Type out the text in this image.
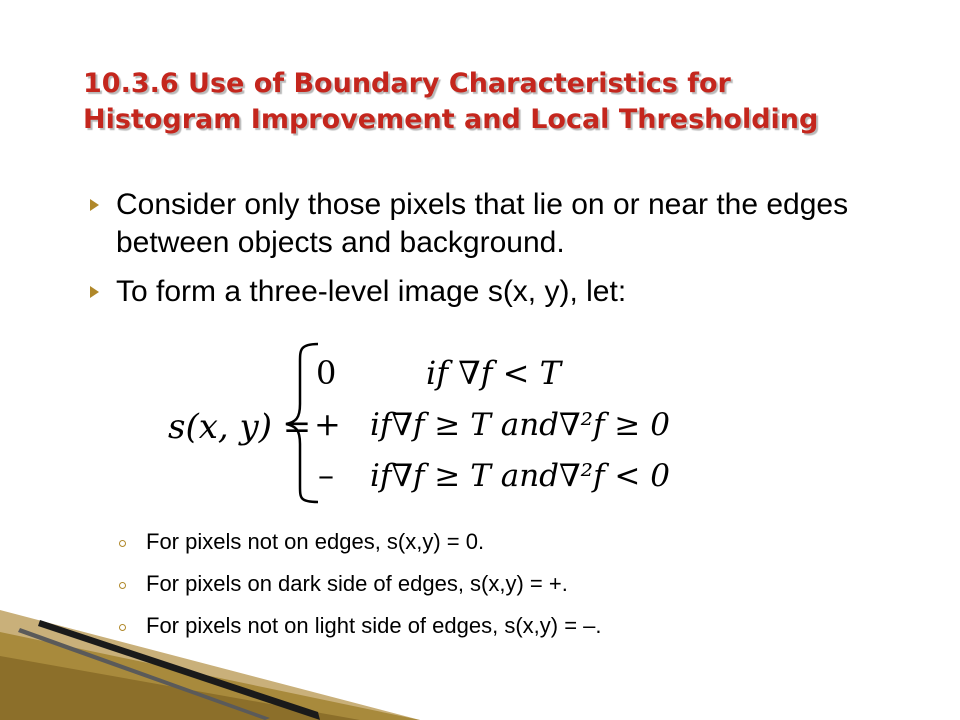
10.3.6 Use of Boundary Characteristics for
Histogram Improvement and Local Thresholding
Consider only those pixels that lie on or near the edges between objects and background.
To form a three-level image s(x, y), let:
s(x, y) =
0	if ∇f < T
+ if∇f ≥ T and∇²f ≥ 0
– if∇f ≥ T and∇²f < 0
For pixels not on edges, s(x,y) = 0.
For pixels on dark side of edges, s(x,y) = +.
For pixels not on light side of edges, s(x,y) = –.
